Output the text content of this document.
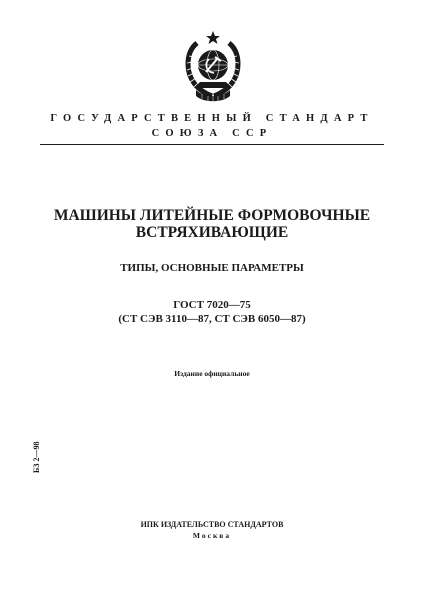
ГОСУДАРСТВЕННЫЙ СТАНДАРТ
СОЮЗА ССР
МАШИНЫ ЛИТЕЙНЫЕ ФОРМОВОЧНЫЕ
ВСТРЯХИВАЮЩИЕ
ТИПЫ, ОСНОВНЫЕ ПАРАМЕТРЫ
ГОСТ 7020—75
(СТ СЭВ 3110—87, СТ СЭВ 6050—87)
Издание официальное
БЗ 2—98
ИПК ИЗДАТЕЛЬСТВО СТАНДАРТОВ
Москва
